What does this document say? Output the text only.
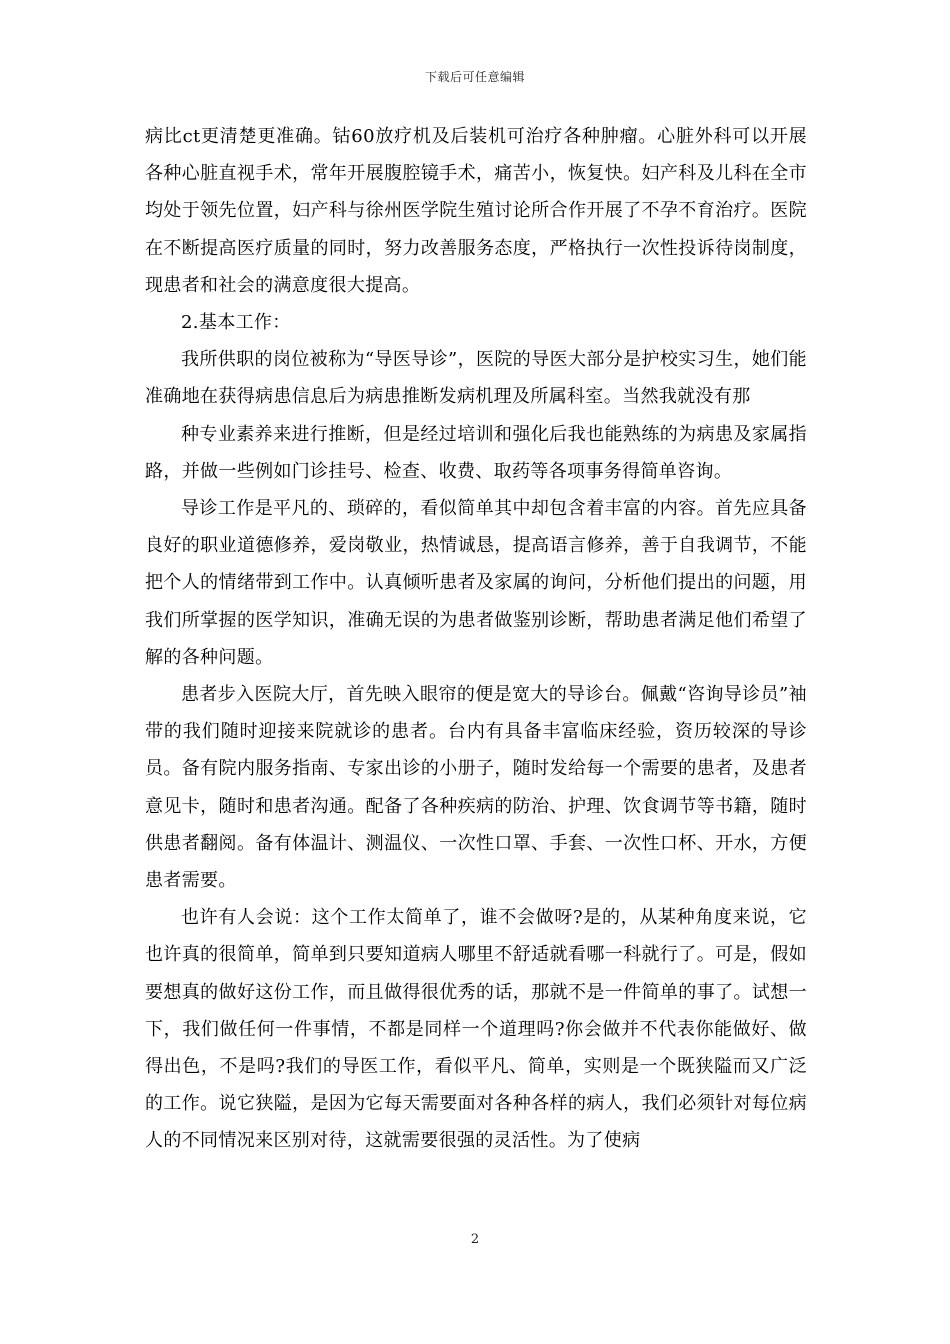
下载后可任意编辑

病比ct更清楚更准确。钴60放疗机及后装机可治疗各种肿瘤。心脏外科可以开展各种心脏直视手术，常年开展腹腔镜手术，痛苦小，恢复快。妇产科及儿科在全市均处于领先位置，妇产科与徐州医学院生殖讨论所合作开展了不孕不育治疗。医院在不断提高医疗质量的同时，努力改善服务态度，严格执行一次性投诉待岗制度，现患者和社会的满意度很大提高。

2.基本工作：

我所供职的岗位被称为“导医导诊”，医院的导医大部分是护校实习生，她们能准确地在获得病患信息后为病患推断发病机理及所属科室。当然我就没有那

种专业素养来进行推断，但是经过培训和强化后我也能熟练的为病患及家属指路，并做一些例如门诊挂号、检查、收费、取药等各项事务得简单咨询。

导诊工作是平凡的、琐碎的，看似简单其中却包含着丰富的内容。首先应具备良好的职业道德修养，爱岗敬业，热情诚恳，提高语言修养，善于自我调节，不能把个人的情绪带到工作中。认真倾听患者及家属的询问，分析他们提出的问题，用我们所掌握的医学知识，准确无误的为患者做鉴别诊断，帮助患者满足他们希望了解的各种问题。

患者步入医院大厅，首先映入眼帘的便是宽大的导诊台。佩戴“咨询导诊员”袖带的我们随时迎接来院就诊的患者。台内有具备丰富临床经验，资历较深的导诊员。备有院内服务指南、专家出诊的小册子，随时发给每一个需要的患者，及患者意见卡，随时和患者沟通。配备了各种疾病的防治、护理、饮食调节等书籍，随时供患者翻阅。备有体温计、测温仪、一次性口罩、手套、一次性口杯、开水，方便患者需要。

也许有人会说：这个工作太简单了，谁不会做呀?是的，从某种角度来说，它也许真的很简单，简单到只要知道病人哪里不舒适就看哪一科就行了。可是，假如要想真的做好这份工作，而且做得很优秀的话，那就不是一件简单的事了。试想一下，我们做任何一件事情，不都是同样一个道理吗?你会做并不代表你能做好、做得出色，不是吗?我们的导医工作，看似平凡、简单，实则是一个既狭隘而又广泛的工作。说它狭隘，是因为它每天需要面对各种各样的病人，我们必须针对每位病人的不同情况来区别对待，这就需要很强的灵活性。为了使病

2
